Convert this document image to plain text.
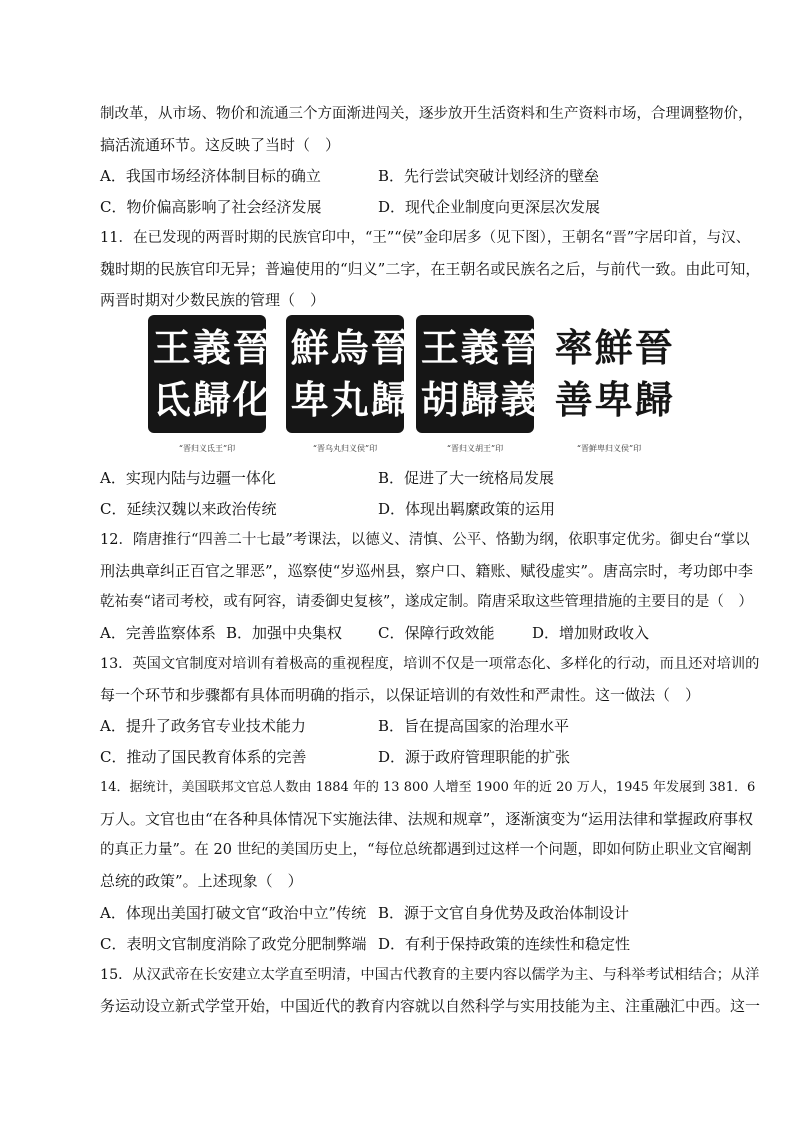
制改革，从市场、物价和流通三个方面渐进闯关，逐步放开生活资料和生产资料市场，合理调整物价，
搞活流通环节。这反映了当时（　）
A．我国市场经济体制目标的确立	B．先行尝试突破计划经济的壁垒
C．物价偏高影响了社会经济发展	D．现代企业制度向更深层次发展
11．在已发现的两晋时期的民族官印中，“王”“侯”金印居多（见下图），王朝名“晋”字居印首，与汉、
魏时期的民族官印无异；普遍使用的“归义”二字，在王朝名或民族名之后，与前代一致。由此可知，
两晋时期对少数民族的管理（　）
王 義 晉
氐 歸 化
“晋归义氐王”印
鮮 烏 晉
卑 丸 歸
“晋乌丸归义侯”印
王 義 晉
胡 歸 義
“晋归义胡王”印
率 鮮 晉
善 卑 歸
“晋鲜卑归义侯”印
A．实现内陆与边疆一体化	B．促进了大一统格局发展
C．延续汉魏以来政治传统	D．体现出羁縻政策的运用
12．隋唐推行“四善二十七最”考课法，以德义、清慎、公平、恪勤为纲，依职事定优劣。御史台“掌以
刑法典章纠正百官之罪恶”，巡察使“岁巡州县，察户口、籍账、赋役虚实”。唐高宗时，考功郎中李
乾祐奏“诸司考校，或有阿容，请委御史复核”，遂成定制。隋唐采取这些管理措施的主要目的是（　）
A．完善监察体系 B．加强中央集权 C．保障行政效能	D．增加财政收入
13．英国文官制度对培训有着极高的重视程度，培训不仅是一项常态化、多样化的行动，而且还对培训的
每一个环节和步骤都有具体而明确的指示，以保证培训的有效性和严肃性。这一做法（　）
A．提升了政务官专业技术能力	B．旨在提高国家的治理水平
C．推动了国民教育体系的完善	D．源于政府管理职能的扩张
14．据统计，美国联邦文官总人数由 1884 年的 13 800 人增至 1900 年的近 20 万人，1945 年发展到 381．6
万人。文官也由“在各种具体情况下实施法律、法规和规章”，逐渐演变为“运用法律和掌握政府事权
的真正力量”。在 20 世纪的美国历史上，“每位总统都遇到过这样一个问题，即如何防止职业文官阉割
总统的政策”。上述现象（　）
A．体现出美国打破文官“政治中立”传统 B．源于文官自身优势及政治体制设计
C．表明文官制度消除了政党分肥制弊端 D．有利于保持政策的连续性和稳定性
15．从汉武帝在长安建立太学直至明清，中国古代教育的主要内容以儒学为主、与科举考试相结合；从洋
务运动设立新式学堂开始，中国近代的教育内容就以自然科学与实用技能为主、注重融汇中西。这一
